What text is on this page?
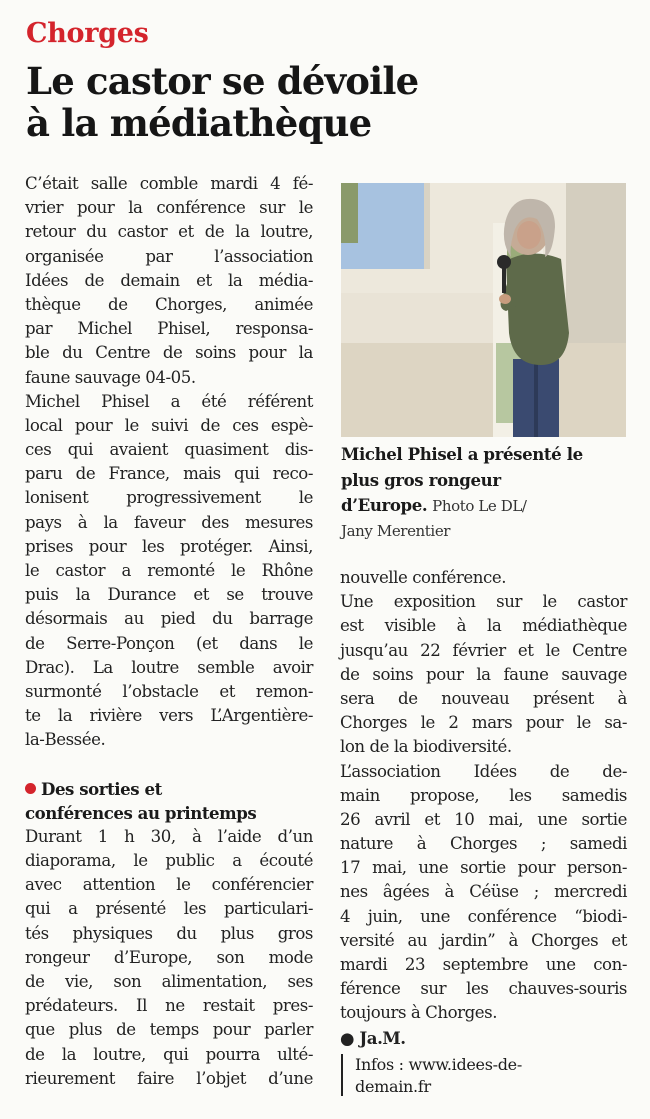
Chorges
Le castor se dévoile
à la médiathèque
C’était salle comble mardi 4 fé-
vrier pour la conférence sur le
retour du castor et de la loutre,
organisée par l’association
Idées de demain et la média-
thèque de Chorges, animée
par Michel Phisel, responsa-
ble du Centre de soins pour la
faune sauvage 04-05.
Michel Phisel a été référent
local pour le suivi de ces espè-
ces qui avaient quasiment dis-
paru de France, mais qui reco-
lonisent progressivement le
pays à la faveur des mesures
prises pour les protéger. Ainsi,
le castor a remonté le Rhône
puis la Durance et se trouve
désormais au pied du barrage
de Serre-Ponçon (et dans le
Drac). La loutre semble avoir
surmonté l’obstacle et remon-
te la rivière vers L’Argentière-
la-Bessée.
Des sorties et
conférences au printemps
Durant 1 h 30, à l’aide d’un
diaporama, le public a écouté
avec attention le conférencier
qui a présenté les particulari-
tés physiques du plus gros
rongeur d’Europe, son mode
de vie, son alimentation, ses
prédateurs. Il ne restait pres-
que plus de temps pour parler
de la loutre, qui pourra ulté-
rieurement faire l’objet d’une
Michel Phisel a présenté le
plus gros rongeur
d’Europe. Photo Le DL/
Jany Merentier
nouvelle conférence.
Une exposition sur le castor
est visible à la médiathèque
jusqu’au 22 février et le Centre
de soins pour la faune sauvage
sera de nouveau présent à
Chorges le 2 mars pour le sa-
lon de la biodiversité.
L’association Idées de de-
main propose, les samedis
26 avril et 10 mai, une sortie
nature à Chorges ; samedi
17 mai, une sortie pour person-
nes âgées à Céüse ; mercredi
4 juin, une conférence “biodi-
versité au jardin” à Chorges et
mardi 23 septembre une con-
férence sur les chauves-souris
toujours à Chorges.
● Ja.M.
Infos : www.idees-de-
demain.fr
